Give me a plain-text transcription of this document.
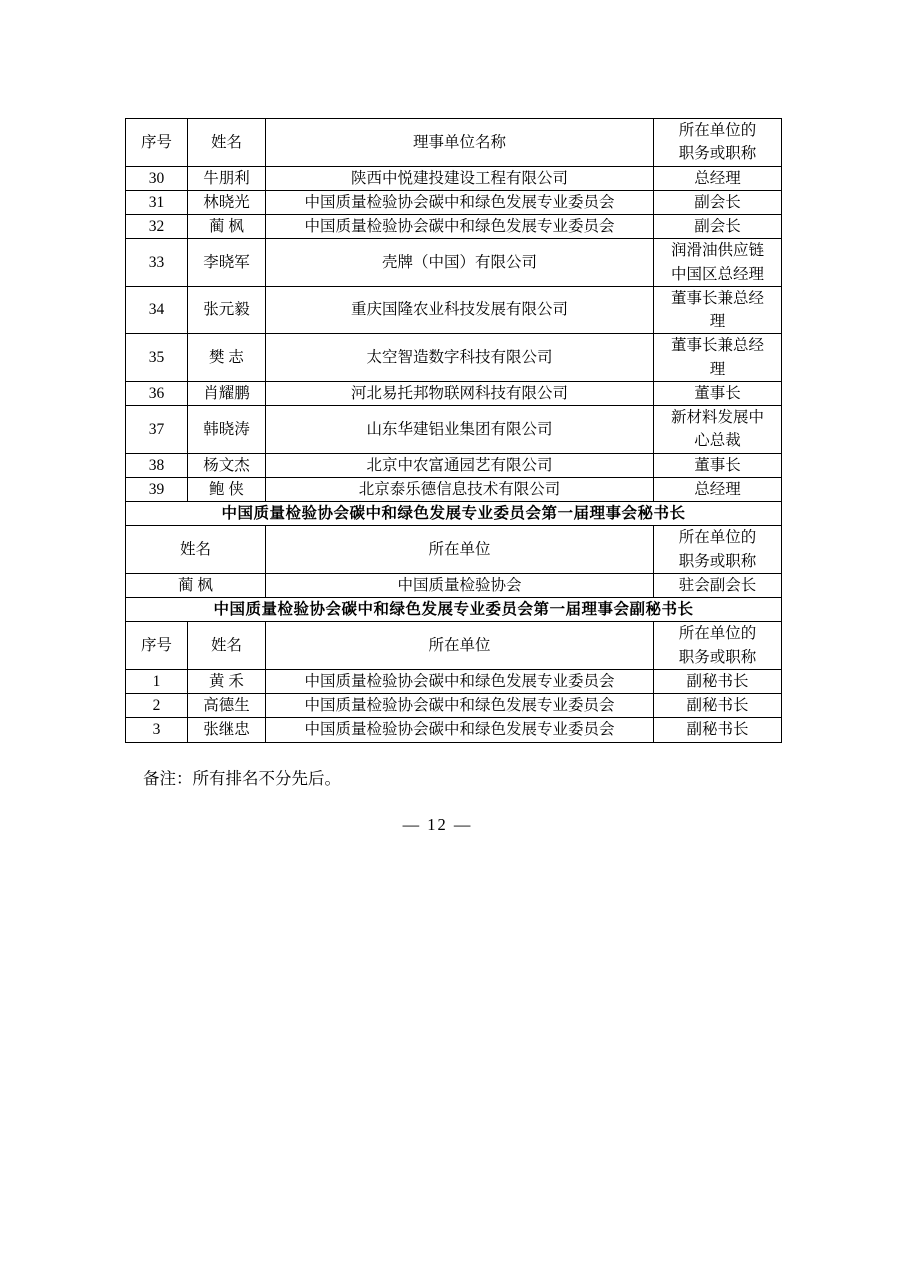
序号	姓名	理事单位名称	所在单位的
职务或职称

30	牛朋利	陕西中悦建投建设工程有限公司	总经理
31	林晓光	中国质量检验协会碳中和绿色发展专业委员会	副会长
32	蔺 枫	中国质量检验协会碳中和绿色发展专业委员会	副会长
33	李晓军	壳牌（中国）有限公司	润滑油供应链
中国区总经理

34	张元毅	重庆国隆农业科技发展有限公司	董事长兼总经
理

35	樊 志	太空智造数字科技有限公司	董事长兼总经
理

36	肖耀鹏	河北易托邦物联网科技有限公司	董事长
37	韩晓涛	山东华建铝业集团有限公司	新材料发展中
心总裁

38	杨文杰	北京中农富通园艺有限公司	董事长
39	鲍 侠	北京泰乐德信息技术有限公司	总经理
中国质量检验协会碳中和绿色发展专业委员会第一届理事会秘书长			
姓名		所在单位	所在单位的
职务或职称

蔺 枫		中国质量检验协会	驻会副会长
中国质量检验协会碳中和绿色发展专业委员会第一届理事会副秘书长			
序号	姓名	所在单位	所在单位的
职务或职称

1	黄 禾	中国质量检验协会碳中和绿色发展专业委员会	副秘书长
2	高德生	中国质量检验协会碳中和绿色发展专业委员会	副秘书长
3	张继忠	中国质量检验协会碳中和绿色发展专业委员会	副秘书长
备注：所有排名不分先后。
— 12 —
